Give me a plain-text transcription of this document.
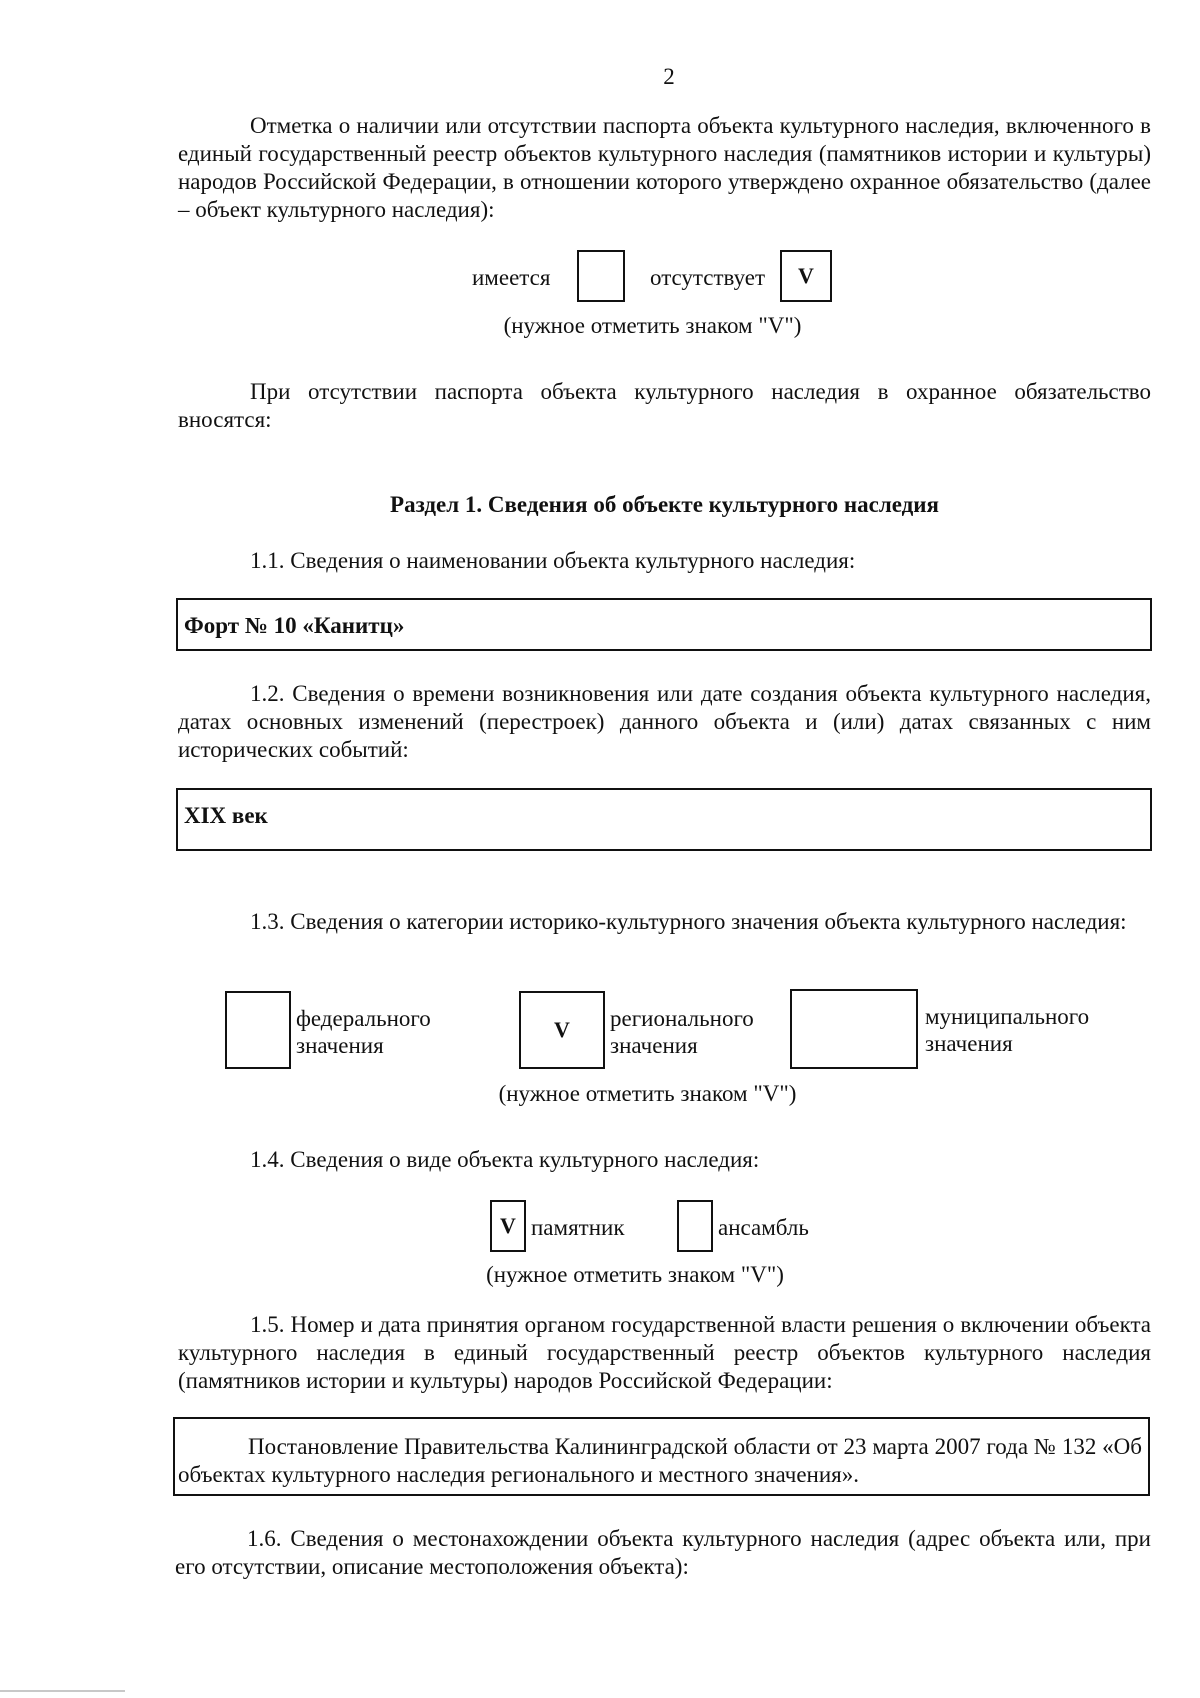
2

Отметка о наличии или отсутствии паспорта объекта культурного наследия, включенного в единый государственный реестр объектов культурного наследия (памятников истории и культуры) народов Российской Федерации, в отношении которого утверждено охранное обязательство (далее – объект культурного наследия):

имеется	отсутствует	V
(нужное отметить знаком "V")

При отсутствии паспорта объекта культурного наследия в охранное обязательство вносятся:

Раздел 1. Сведения об объекте культурного наследия

1.1. Сведения о наименовании объекта культурного наследия:

Форт № 10 «Канитц»

1.2. Сведения о времени возникновения или дате создания объекта культурного наследия, датах основных изменений (перестроек) данного объекта и (или) датах связанных с ним исторических событий:

XIX век

1.3. Сведения о категории историко-культурного значения объекта культурного наследия:

федерального значения
V	регионального значения
муниципального значения
(нужное отметить знаком "V")

1.4. Сведения о виде объекта культурного наследия:

V памятник	ансамбль
(нужное отметить знаком "V")

1.5. Номер и дата принятия органом государственной власти решения о включении объекта культурного наследия в единый государственный реестр объектов культурного наследия (памятников истории и культуры) народов Российской Федерации:

Постановление Правительства Калининградской области от 23 марта 2007 года № 132 «Об объектах культурного наследия регионального и местного значения».

1.6. Сведения о местонахождении объекта культурного наследия (адрес объекта или, при его отсутствии, описание местоположения объекта):
